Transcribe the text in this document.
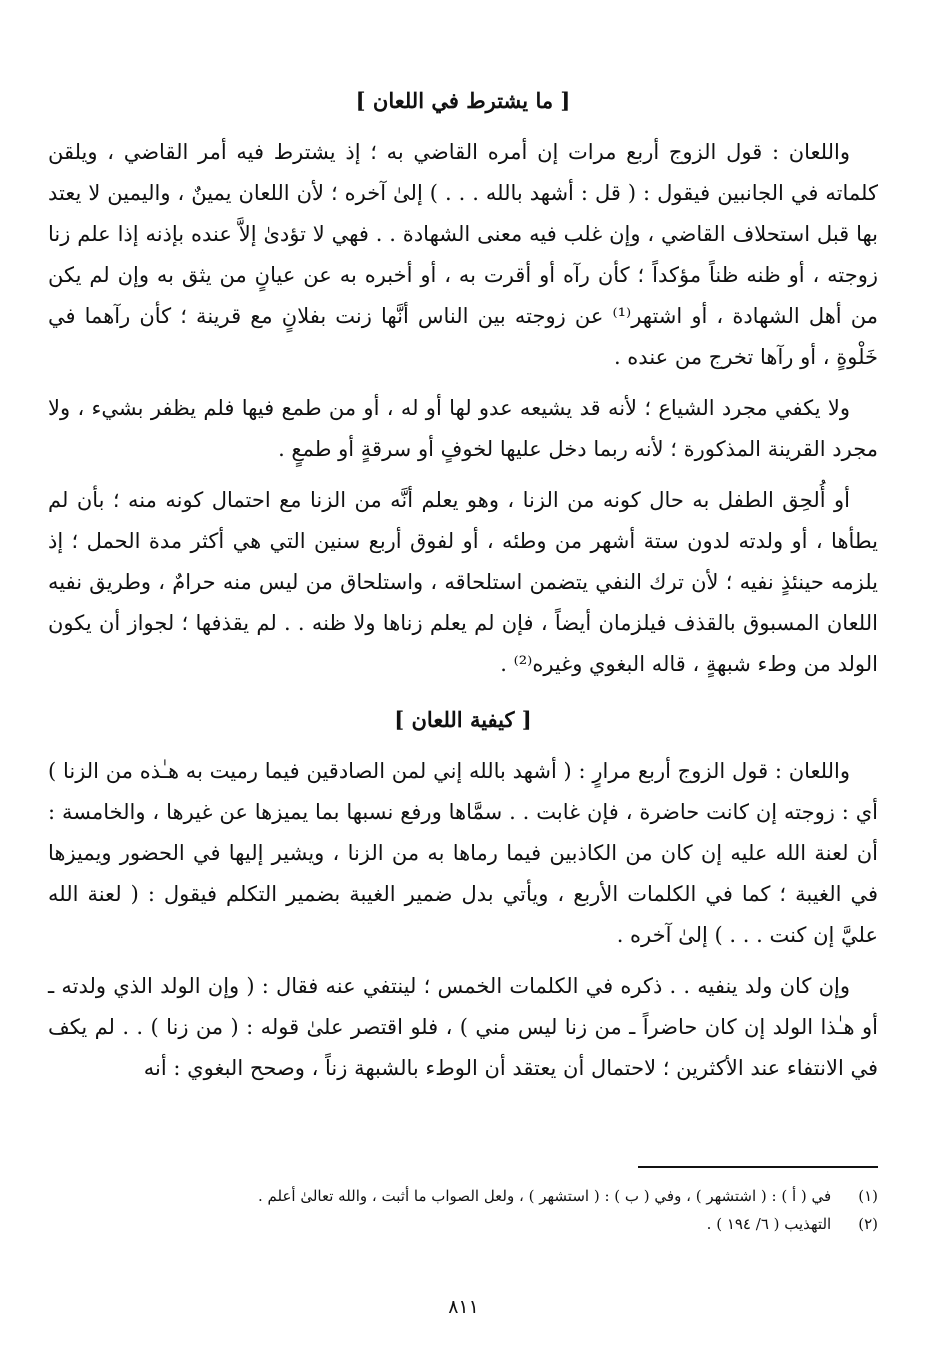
[ ما يشترط في اللعان ]

واللعان : قول الزوج أربع مرات إن أمره القاضي به ؛ إذ يشترط فيه أمر القاضي ، ويلقن كلماته في الجانبين فيقول : ( قل : أشهد بالله . . . ) إلىٰ آخره ؛ لأن اللعان يمينٌ ، واليمين لا يعتد بها قبل استحلاف القاضي ، وإن غلب فيه معنى الشهادة . . فهي لا تؤدىٰ إلاَّ عنده بإذنه إذا علم زنا زوجته ، أو ظنه ظناً مؤكداً ؛ كأن رآه أو أقرت به ، أو أخبره به عن عيانٍ من يثق به وإن لم يكن من أهل الشهادة ، أو اشتهر⁽¹⁾ عن زوجته بين الناس أنَّها زنت بفلانٍ مع قرينة ؛ كأن رآهما في خَلْوةٍ ، أو رآها تخرج من عنده .

ولا يكفي مجرد الشياع ؛ لأنه قد يشيعه عدو لها أو له ، أو من طمع فيها فلم يظفر بشيء ، ولا مجرد القرينة المذكورة ؛ لأنه ربما دخل عليها لخوفٍ أو سرقةٍ أو طمعٍ .

أو أُلحِق الطفل به حال كونه من الزنا ، وهو يعلم أنَّه من الزنا مع احتمال كونه منه ؛ بأن لم يطأها ، أو ولدته لدون ستة أشهر من وطئه ، أو لفوق أربع سنين التي هي أكثر مدة الحمل ؛ إذ يلزمه حينئذٍ نفيه ؛ لأن ترك النفي يتضمن استلحاقه ، واستلحاق من ليس منه حرامٌ ، وطريق نفيه اللعان المسبوق بالقذف فيلزمان أيضاً ، فإن لم يعلم زناها ولا ظنه . . لم يقذفها ؛ لجواز أن يكون الولد من وطء شبهةٍ ، قاله البغوي وغيره⁽²⁾ .

[ كيفية اللعان ]

واللعان : قول الزوج أربع مرارٍ : ( أشهد بالله إني لمن الصادقين فيما رميت به هـٰذه من الزنا ) أي : زوجته إن كانت حاضرة ، فإن غابت . . سمَّاها ورفع نسبها بما يميزها عن غيرها ، والخامسة : أن لعنة الله عليه إن كان من الكاذبين فيما رماها به من الزنا ، ويشير إليها في الحضور ويميزها في الغيبة ؛ كما في الكلمات الأربع ، ويأتي بدل ضمير الغيبة بضمير التكلم فيقول : ( لعنة الله عليَّ إن كنت . . . ) إلىٰ آخره .

وإن كان ولد ينفيه . . ذكره في الكلمات الخمس ؛ لينتفي عنه فقال : ( وإن الولد الذي ولدته ـ أو هـٰذا الولد إن كان حاضراً ـ من زنا ليس مني ) ، فلو اقتصر علىٰ قوله : ( من زنا ) . . لم يكف في الانتفاء عند الأكثرين ؛ لاحتمال أن يعتقد أن الوطء بالشبهة زناً ، وصحح البغوي : أنه

(١) في ( أ ) : ( اشتشهر ) ، وفي ( ب ) : ( استشهر ) ، ولعل الصواب ما أثبت ، والله تعالىٰ أعلم .
(٢) التهذيب ( ٦/ ١٩٤ ) .
٨١١
